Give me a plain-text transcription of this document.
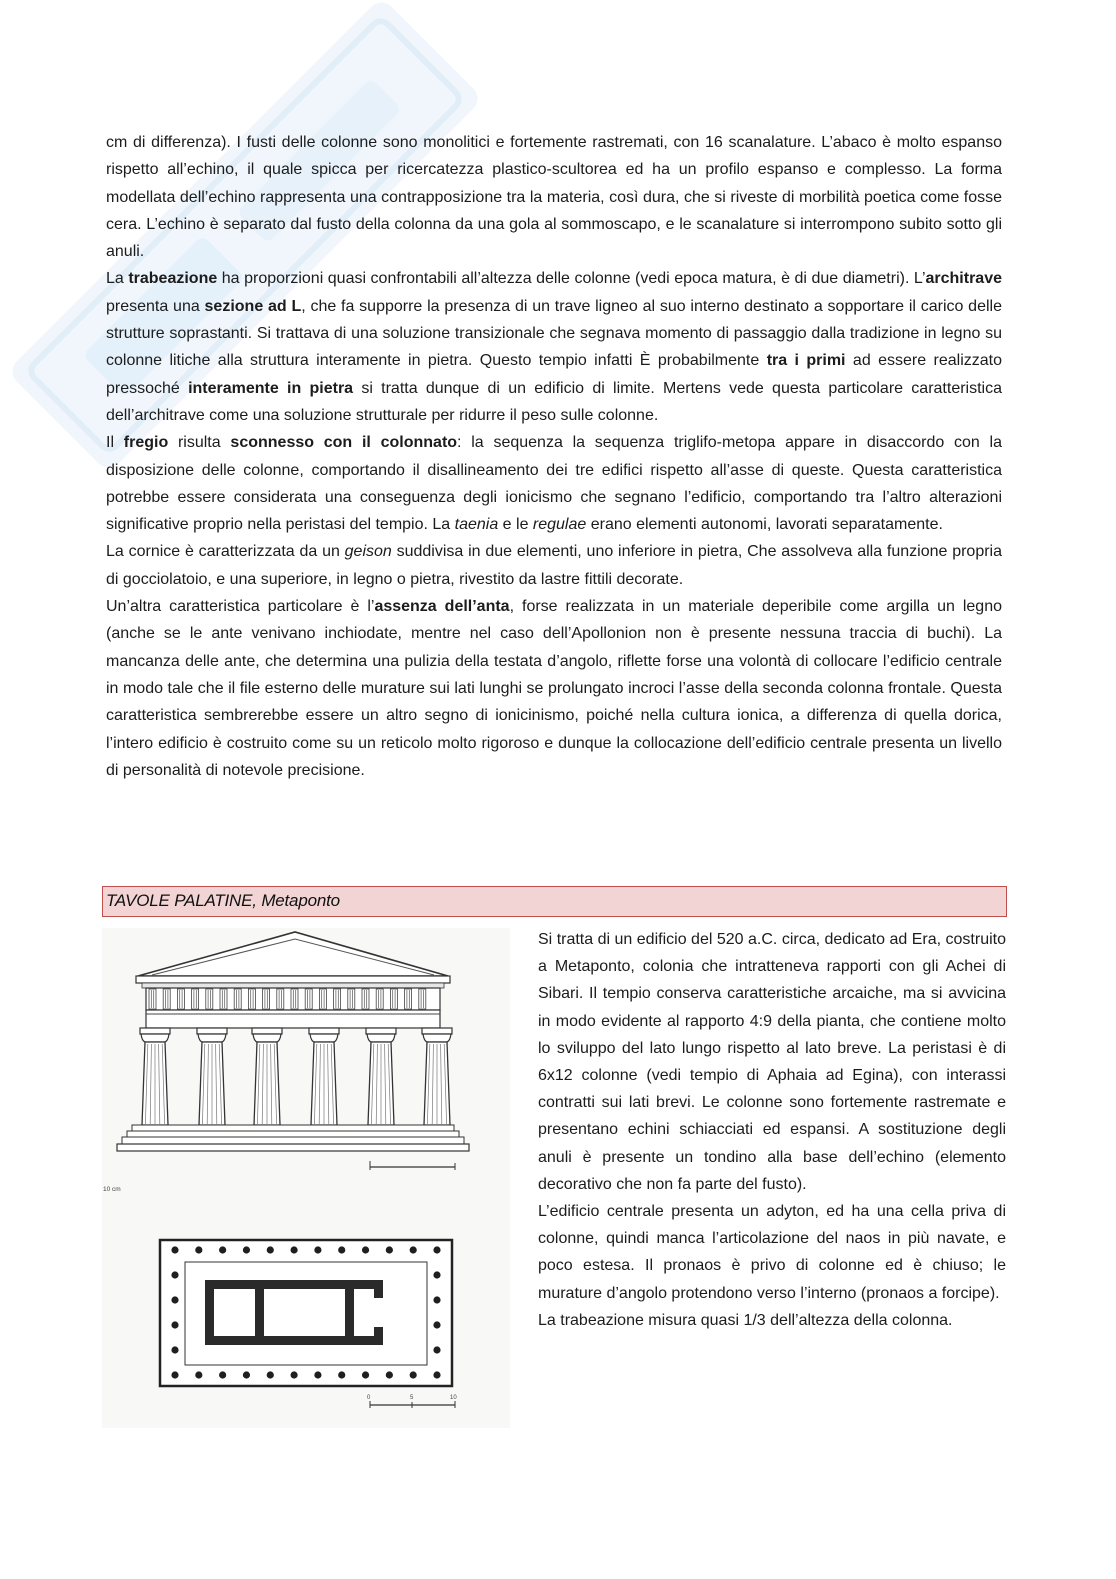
cm di differenza). I fusti delle colonne sono monolitici e fortemente rastremati, con 16 scanalature. L’abaco è molto espanso rispetto all’echino, il quale spicca per ricercatezza plastico-scultorea ed ha un profilo espanso e complesso. La forma modellata dell’echino rappresenta una contrapposizione tra la materia, così dura, che si riveste di morbilità poetica come fosse cera. L’echino è separato dal fusto della colonna da una gola al sommoscapo, e le scanalature si interrompono subito sotto gli anuli.

La trabeazione ha proporzioni quasi confrontabili all’altezza delle colonne (vedi epoca matura, è di due diametri). L’architrave presenta una sezione ad L, che fa supporre la presenza di un trave ligneo al suo interno destinato a sopportare il carico delle strutture soprastanti. Si trattava di una soluzione transizionale che segnava momento di passaggio dalla tradizione in legno su colonne litiche alla struttura interamente in pietra. Questo tempio infatti È probabilmente tra i primi ad essere realizzato pressoché interamente in pietra si tratta dunque di un edificio di limite. Mertens vede questa particolare caratteristica dell’architrave come una soluzione strutturale per ridurre il peso sulle colonne.

Il fregio risulta sconnesso con il colonnato: la sequenza la sequenza triglifo-metopa appare in disaccordo con la disposizione delle colonne, comportando il disallineamento dei tre edifici rispetto all’asse di queste. Questa caratteristica potrebbe essere considerata una conseguenza degli ionicismo che segnano l’edificio, comportando tra l’altro alterazioni significative proprio nella peristasi del tempio. La taenia e le regulae erano elementi autonomi, lavorati separatamente.

La cornice è caratterizzata da un geison suddivisa in due elementi, uno inferiore in pietra, Che assolveva alla funzione propria di gocciolatoio, e una superiore, in legno o pietra, rivestito da lastre fittili decorate.

Un’altra caratteristica particolare è l’assenza dell’anta, forse realizzata in un materiale deperibile come argilla un legno (anche se le ante venivano inchiodate, mentre nel caso dell’Apollonion non è presente nessuna traccia di buchi). La mancanza delle ante, che determina una pulizia della testata d’angolo, riflette forse una volontà di collocare l’edificio centrale in modo tale che il file esterno delle murature sui lati lunghi se prolungato incroci l’asse della seconda colonna frontale. Questa caratteristica sembrerebbe essere un altro segno di ionicinismo, poiché nella cultura ionica, a differenza di quella dorica, l’intero edificio è costruito come su un reticolo molto rigoroso e dunque la collocazione dell’edificio centrale presenta un livello di personalità di notevole precisione.

TAVOLE PALATINE, Metaponto
10 cm
0	5	10

Si tratta di un edificio del 520 a.C. circa, dedicato ad Era, costruito a Metaponto, colonia che intratteneva rapporti con gli Achei di Sibari. Il tempio conserva caratteristiche arcaiche, ma si avvicina in modo evidente al rapporto 4:9 della pianta, che contiene molto lo sviluppo del lato lungo rispetto al lato breve. La peristasi è di 6x12 colonne (vedi tempio di Aphaia ad Egina), con interassi contratti sui lati brevi. Le colonne sono fortemente rastremate e presentano echini schiacciati ed espansi. A sostituzione degli anuli è presente un tondino alla base dell’echino (elemento decorativo che non fa parte del fusto).

L’edificio centrale presenta un adyton, ed ha una cella priva di colonne, quindi manca l’articolazione del naos in più navate, e poco estesa. Il pronaos è privo di colonne ed è chiuso; le murature d’angolo protendono verso l’interno (pronaos a forcipe).

La trabeazione misura quasi 1/3 dell’altezza della colonna.
